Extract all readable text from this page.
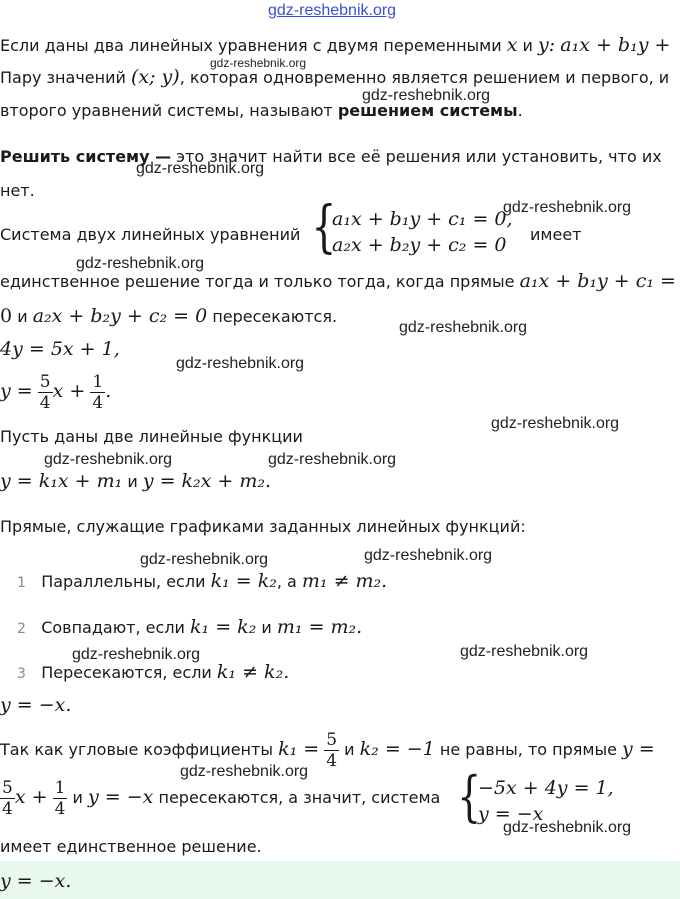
gdz-reshebnik.org
Если даны два линейных уравнения с двумя переменными x и y: a₁x + b₁y +
gdz-reshebnik.org
Пару значений (x; y), которая одновременно является решением и первого, и
gdz-reshebnik.org
второго уравнений системы, называют решением системы.
Решить систему — это значит найти все её решения или установить, что их
gdz-reshebnik.org
нет.
Система двух линейных уравнений {
a₁x + b₁y + c₁ = 0,
a₂x + b₂y + c₂ = 0 имеет
gdz-reshebnik.org
gdz-reshebnik.org
единственное решение тогда и только тогда, когда прямые a₁x + b₁y + c₁ =
0 и a₂x + b₂y + c₂ = 0 пересекаются.
gdz-reshebnik.org
4y = 5x + 1,
gdz-reshebnik.org
$y = \frac{5}{4}$ $x + \frac{1}{4}$ .
gdz-reshebnik.org
Пусть даны две линейные функции
gdz-reshebnik.org	gdz-reshebnik.org
y = k₁x + m₁ и y = k₂x + m₂.
Прямые, служащие графиками заданных линейных функций:
gdz-reshebnik.org	gdz-reshebnik.org
1 Параллельны, если k₁ = k₂, а m₁ ≠ m₂.
2 Совпадают, если k₁ = k₂ и m₁ = m₂.
gdz-reshebnik.org	gdz-reshebnik.org
3 Пересекаются, если k₁ ≠ k₂.
y = −x.
Так как угловые коэффициенты $k_1 = \frac{5}{4}$ и k₂ = −1 не равны, то прямые y =
gdz-reshebnik.org
$\frac{5}{4}$ $x + \frac{1}{4}$ и y = −x пересекаются, а значит, система {
−5x + 4y = 1,
y = −x
gdz-reshebnik.org
имеет единственное решение.
y = −x.
